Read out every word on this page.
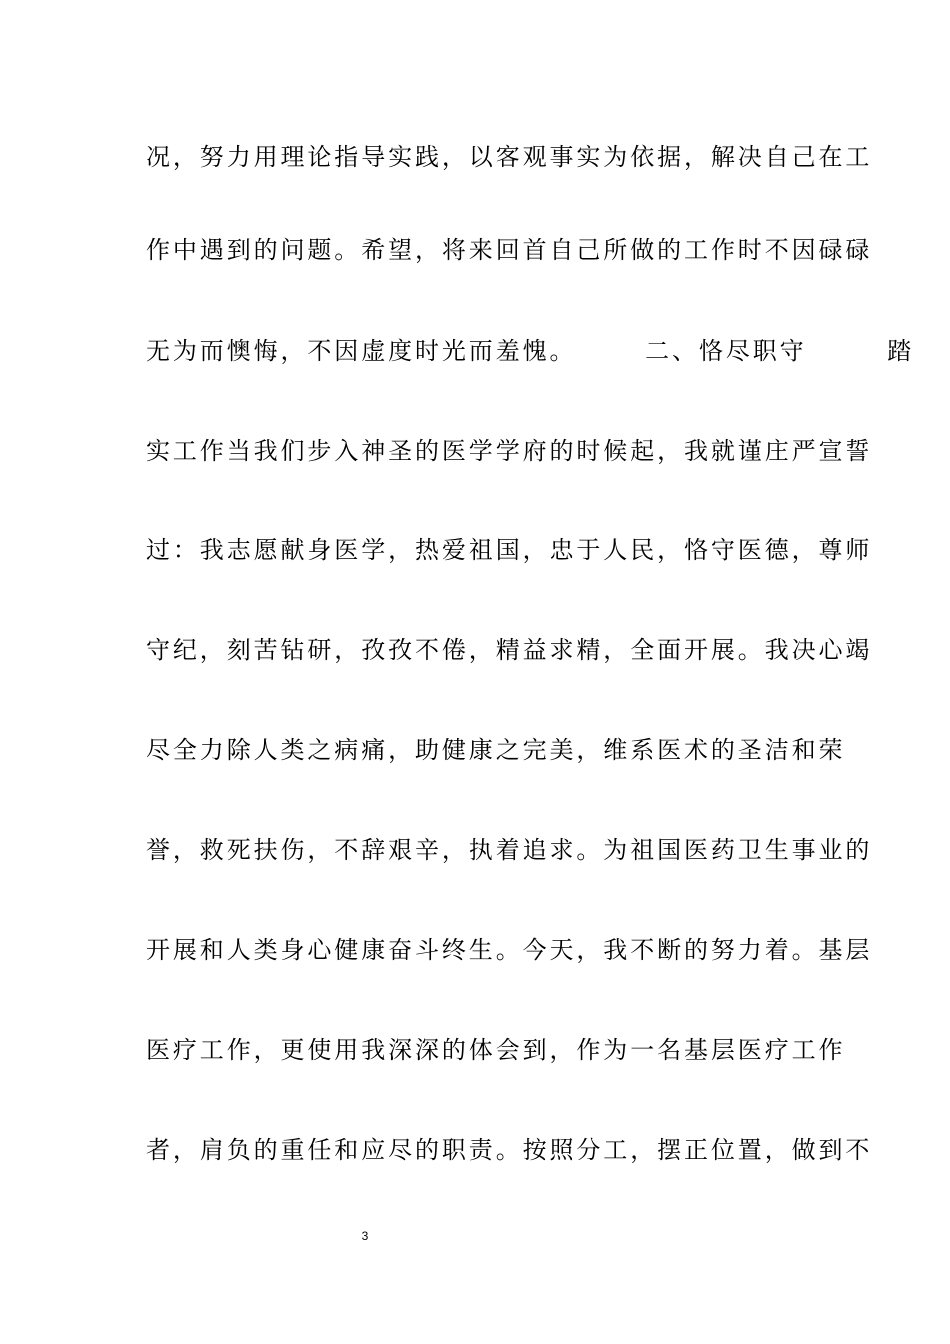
况，努力用理论指导实践，以客观事实为依据，解决自己在工
作中遇到的问题。希望，将来回首自己所做的工作时不因碌碌
无为而懊悔，不因虚度时光而羞愧。　　　二、恪尽职守　　　踏
实工作当我们步入神圣的医学学府的时候起，我就谨庄严宣誓
过：我志愿献身医学，热爱祖国，忠于人民，恪守医德，尊师
守纪，刻苦钻研，孜孜不倦，精益求精，全面开展。我决心竭
尽全力除人类之病痛，助健康之完美，维系医术的圣洁和荣
誉，救死扶伤，不辞艰辛，执着追求。为祖国医药卫生事业的
开展和人类身心健康奋斗终生。今天，我不断的努力着。基层
医疗工作，更使用我深深的体会到，作为一名基层医疗工作
者，肩负的重任和应尽的职责。按照分工，摆正位置，做到不
3
